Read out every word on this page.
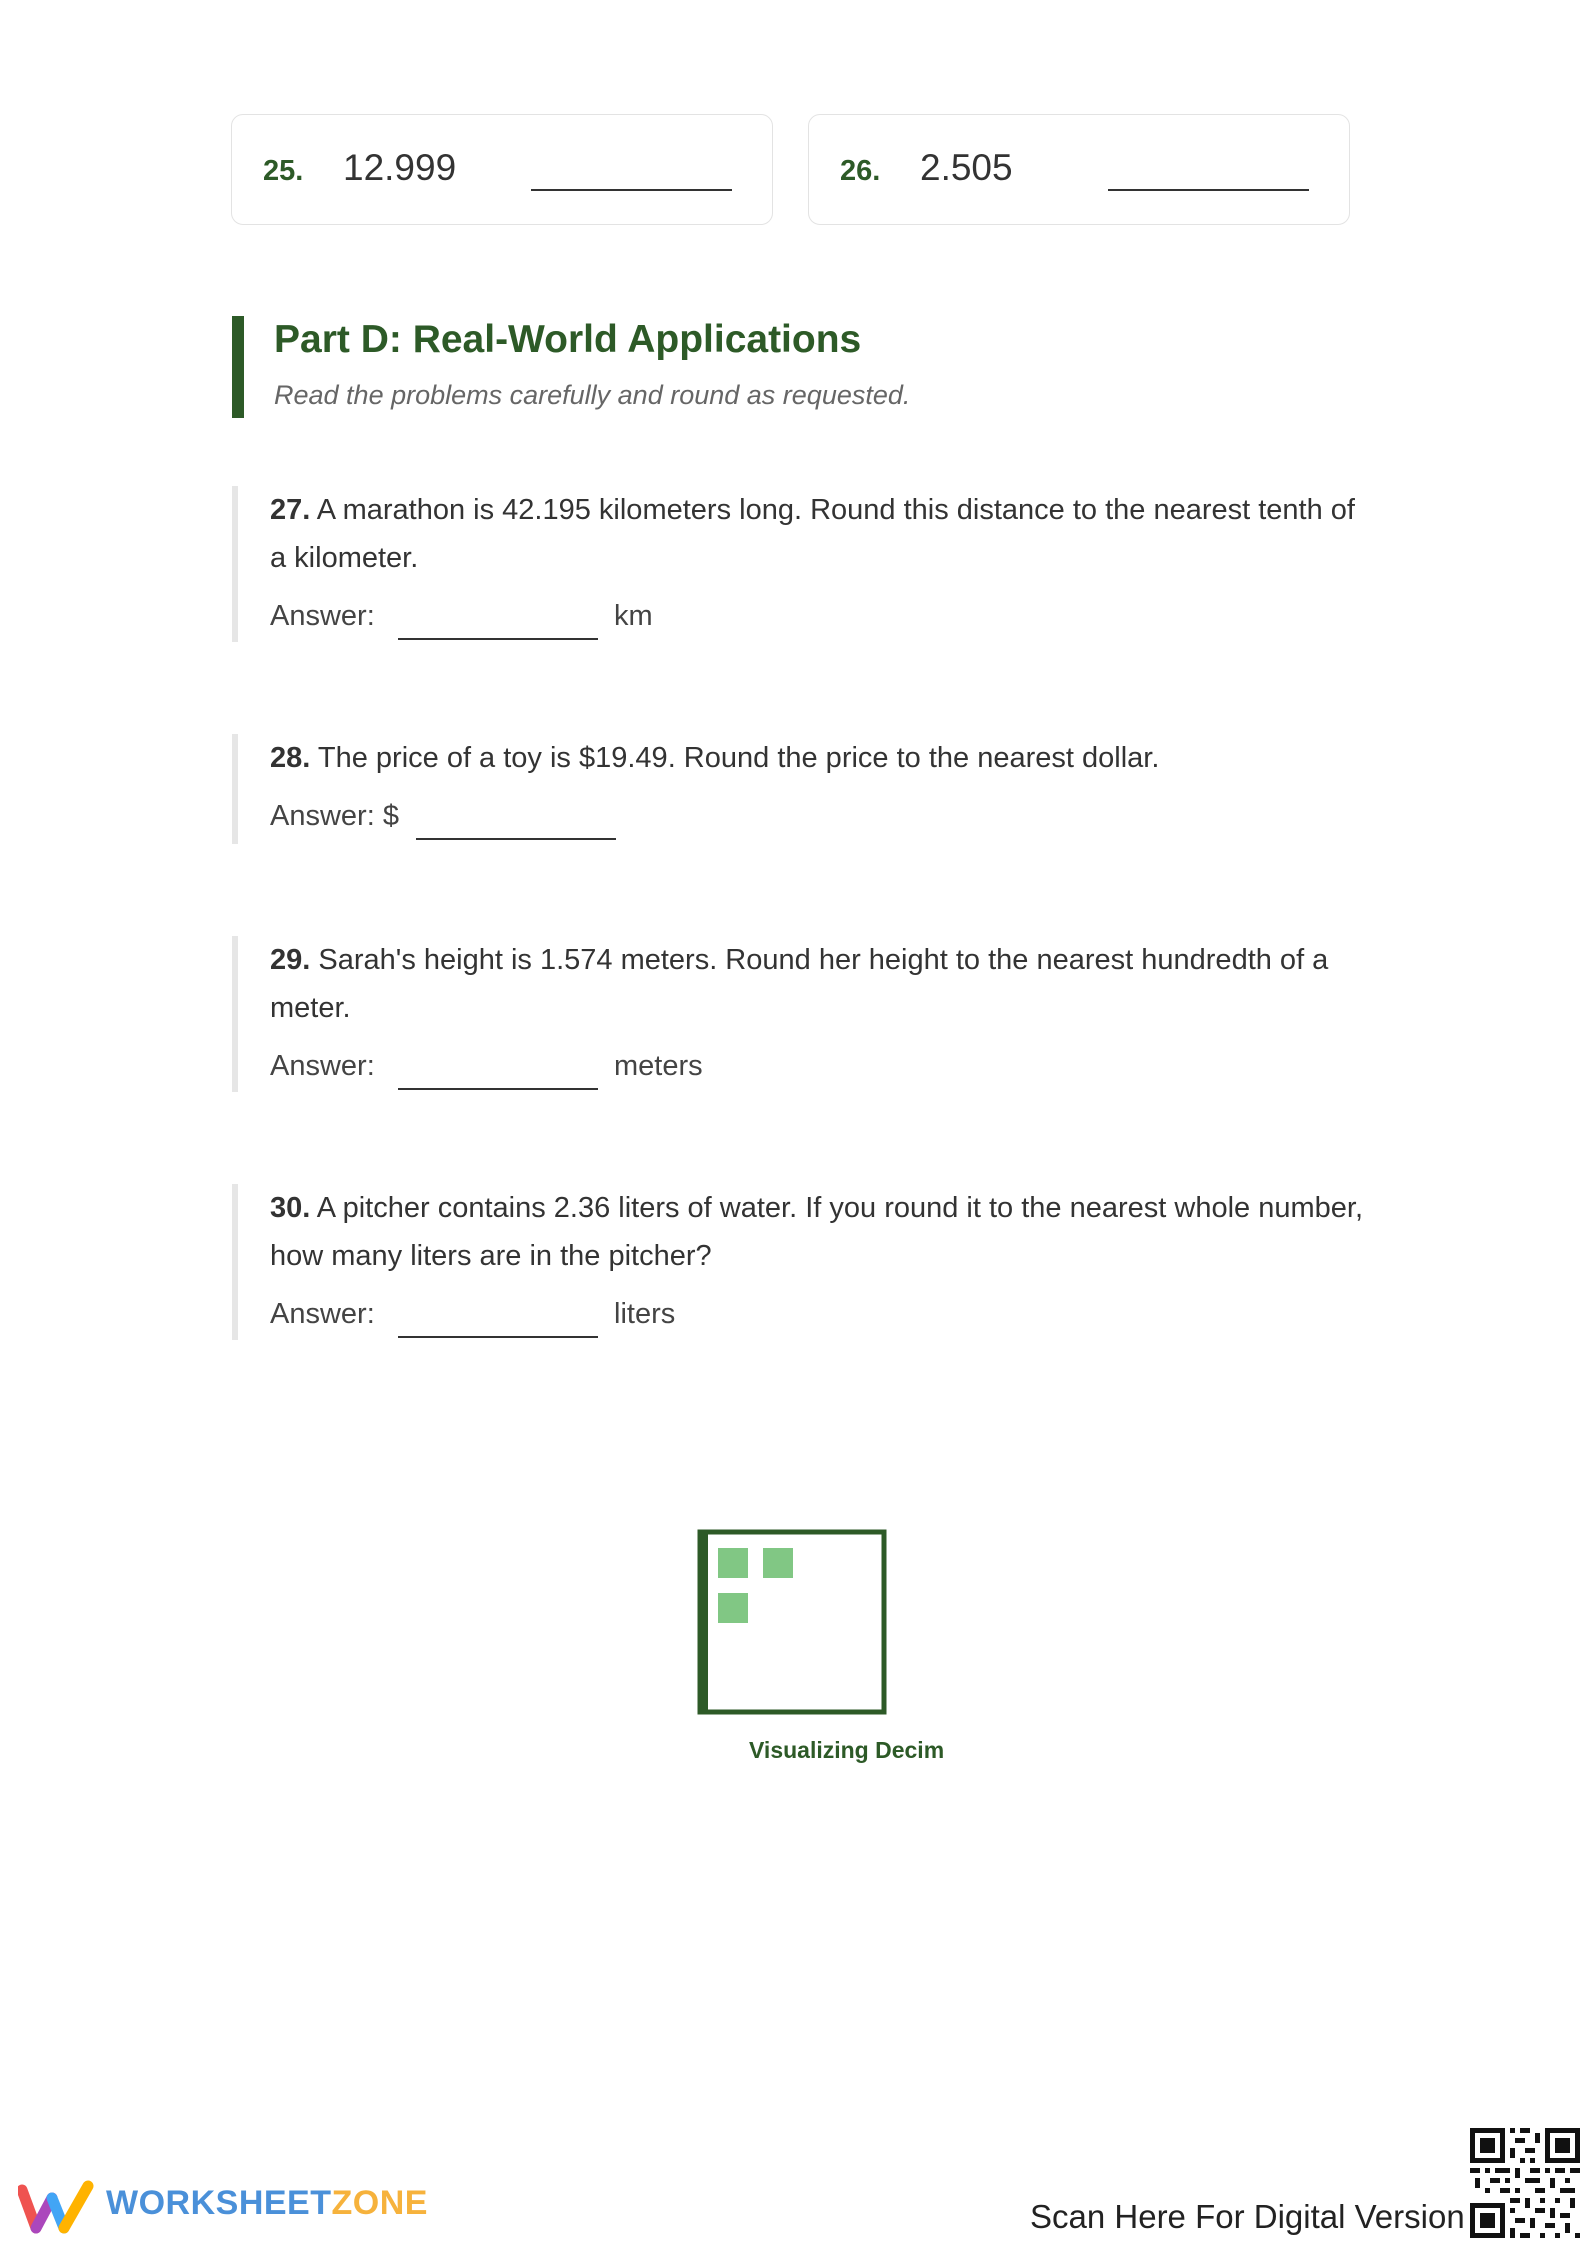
25. 12.999	26. 2.505
Part D: Real-World Applications
Read the problems carefully and round as requested.
27. A marathon is 42.195 kilometers long. Round this distance to the nearest tenth of a kilometer.
Answer:	km
28. The price of a toy is $19.49. Round the price to the nearest dollar.
Answer: $
29. Sarah's height is 1.574 meters. Round her height to the nearest hundredth of a meter.
Answer:	meters
30. A pitcher contains 2.36 liters of water. If you round it to the nearest whole number, how many liters are in the pitcher?
Answer:	liters
Visualizing Decim
WORKSHEETZONE	Scan Here For Digital Version
